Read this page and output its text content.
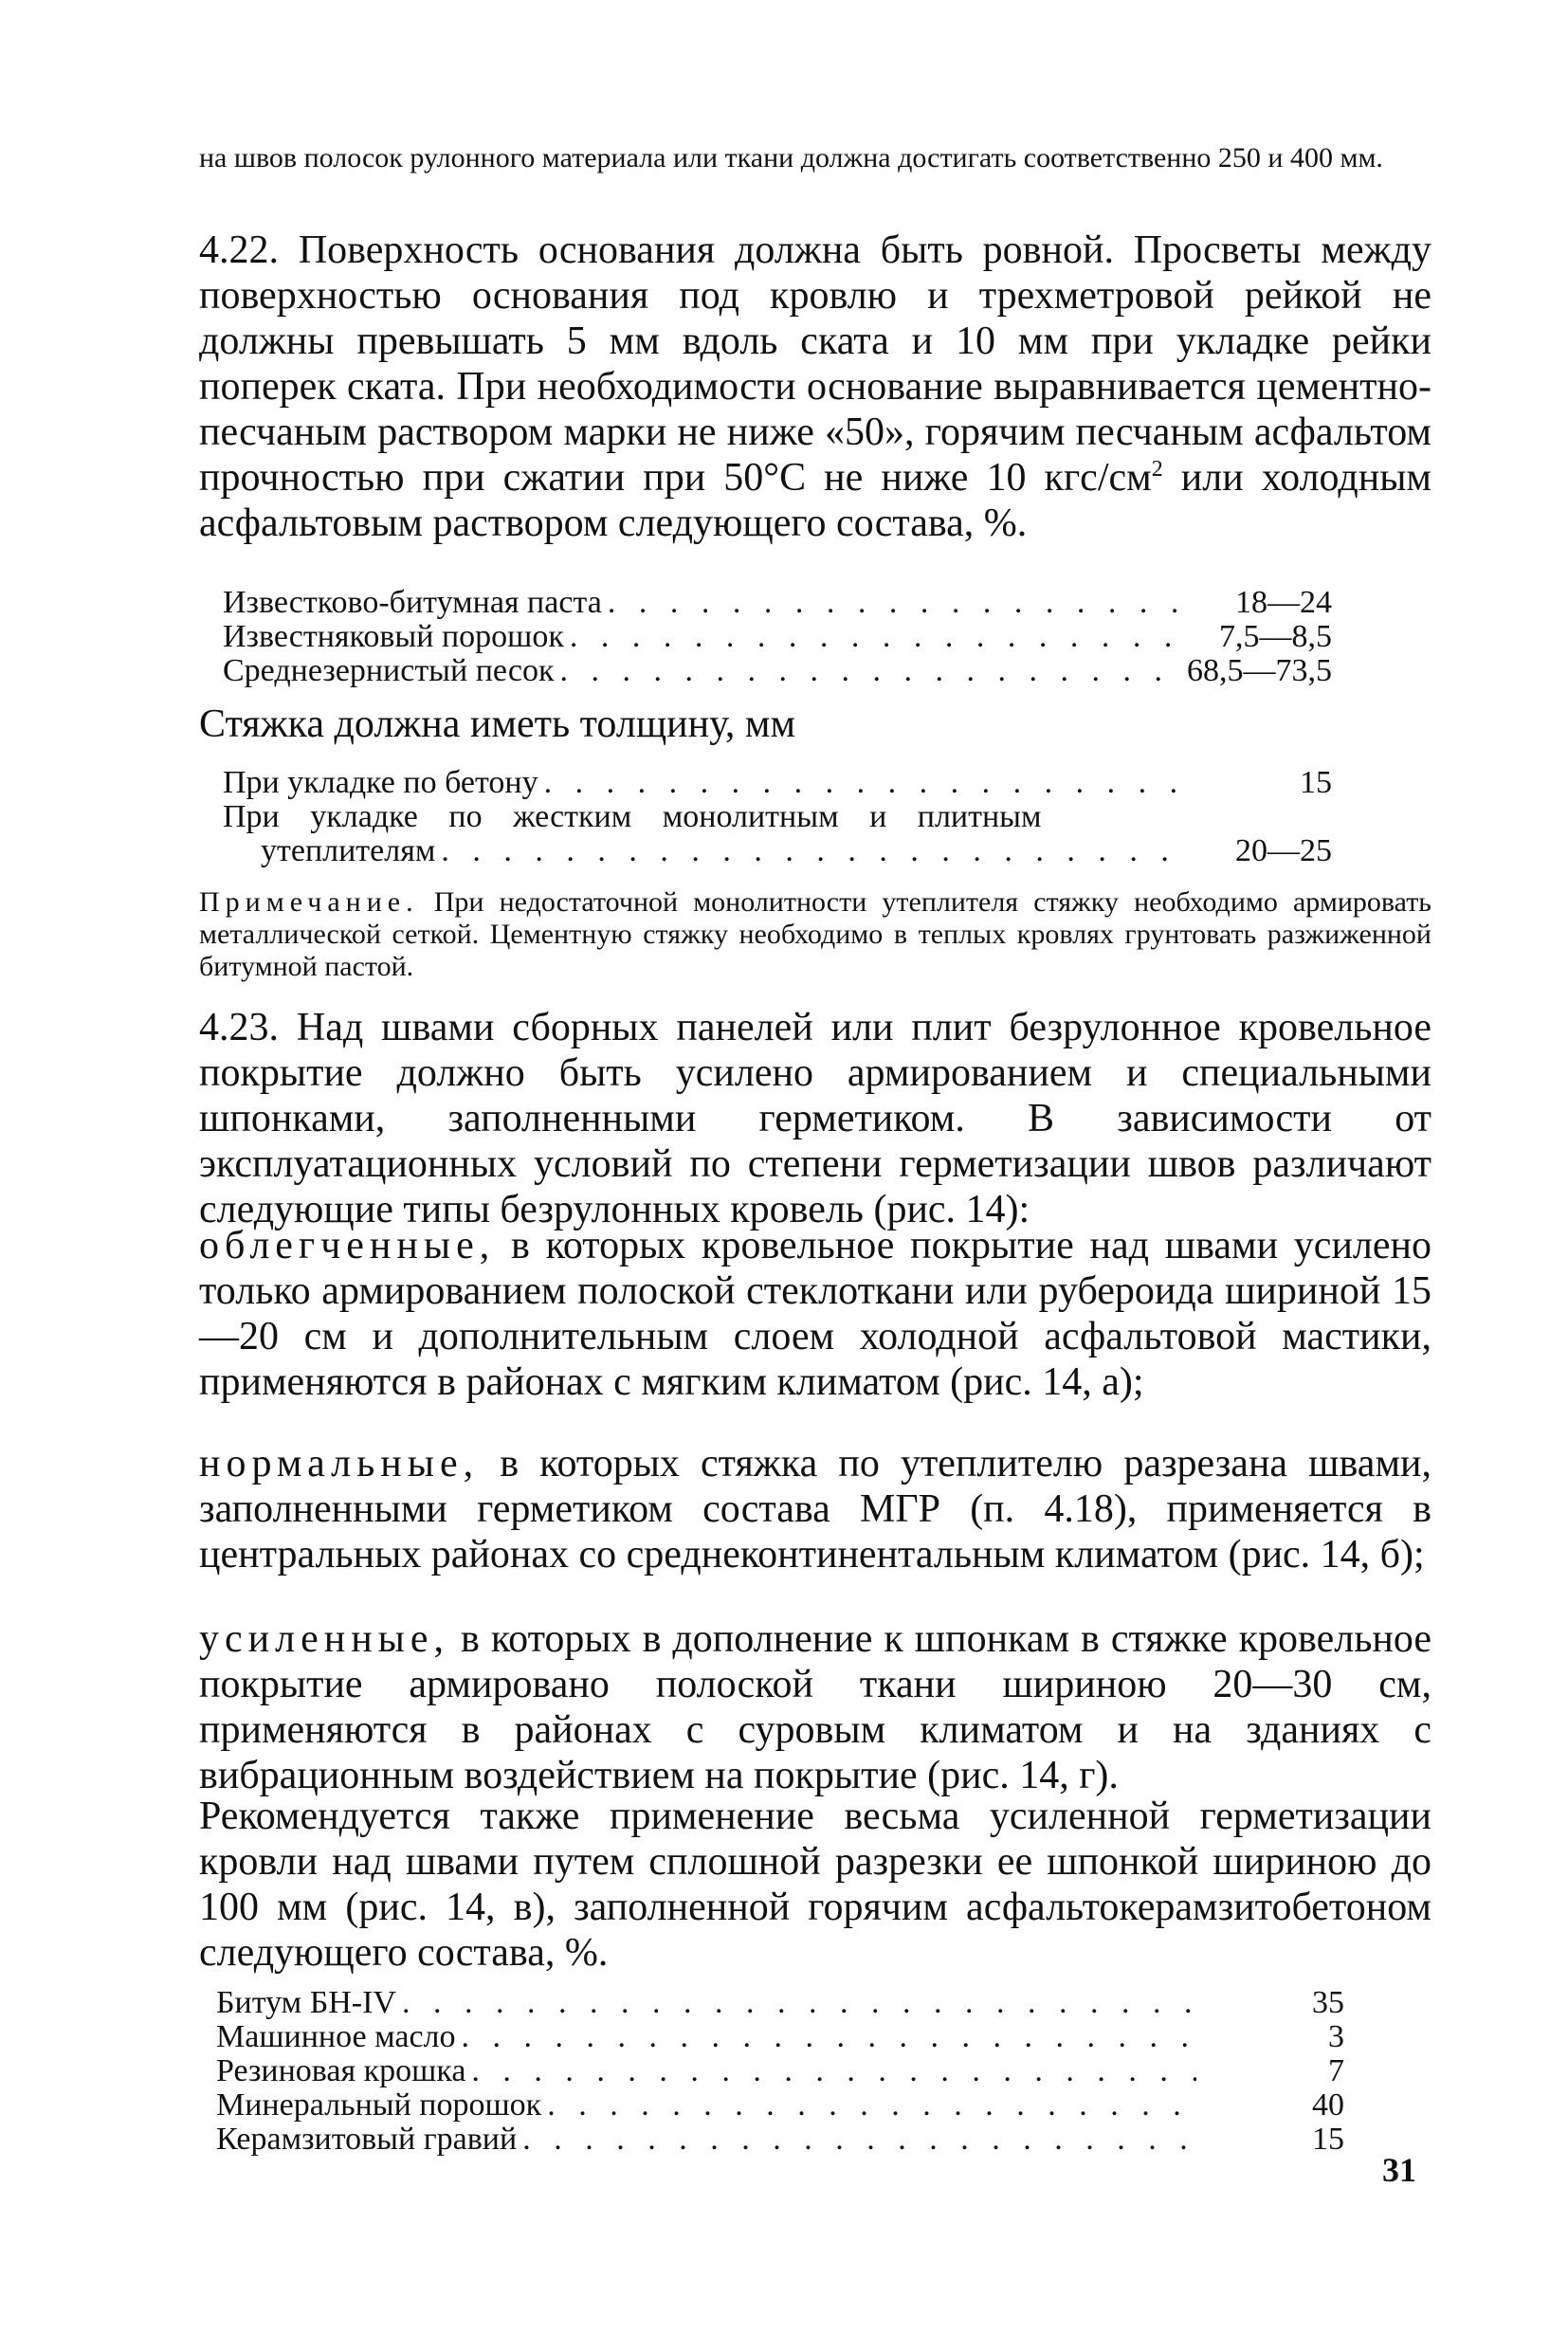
на швов полосок рулонного материала или ткани должна достигать соответственно 250 и 400 мм.

4.22. Поверхность основания должна быть ровной. Просветы между поверхностью основания под кровлю и трехметровой рейкой не должны превышать 5 мм вдоль ската и 10 мм при укладке рейки поперек ската. При необходимости основание выравнивается цементно-песчаным раствором марки не ниже «50», горячим песчаным асфальтом прочностью при сжатии при 50°С не ниже 10 кгс/$см^2$ или холодным асфальтовым раствором следующего состава, %.

Известково-битумная паста . . .	18—24
Известняковый порошок . . .	7,5—8,5
Среднезернистый песок . . .	68,5—73,5

Стяжка должна иметь толщину, мм

При укладке по бетону . . .	15
При укладке по жестким монолитным и плитным
утеплителям . . .	20—25

Примечание. При недостаточной монолитности утеплителя стяжку необходимо армировать металлической сеткой. Цементную стяжку необходимо в теплых кровлях грунтовать разжиженной битумной пастой.

4.23. Над швами сборных панелей или плит безрулонное кровельное покрытие должно быть усилено армированием и специальными шпонками, заполненными герметиком. В зависимости от эксплуатационных условий по степени герметизации швов различают следующие типы безрулонных кровель (рис. 14):

облегченные, в которых кровельное покрытие над швами усилено только армированием полоской стеклоткани или рубероида шириной 15—20 см и дополнительным слоем холодной асфальтовой мастики, применяются в районах с мягким климатом (рис. 14, а);

нормальные, в которых стяжка по утеплителю разрезана швами, заполненными герметиком состава МГР (п. 4.18), применяется в центральных районах со среднеконтинентальным климатом (рис. 14, б);

усиленные, в которых в дополнение к шпонкам в стяжке кровельное покрытие армировано полоской ткани шириною 20—30 см, применяются в районах с суровым климатом и на зданиях с вибрационным воздействием на покрытие (рис. 14, г).

Рекомендуется также применение весьма усиленной герметизации кровли над швами путем сплошной разрезки ее шпонкой шириною до 100 мм (рис. 14, в), заполненной горячим асфальтокерамзитобетоном следующего состава, %.

Битум БН-IV . . .	35
Машинное масло . . .	3
Резиновая крошка . . .	7
Минеральный порошок . . .	40
Керамзитовый гравий . . .	15
31
